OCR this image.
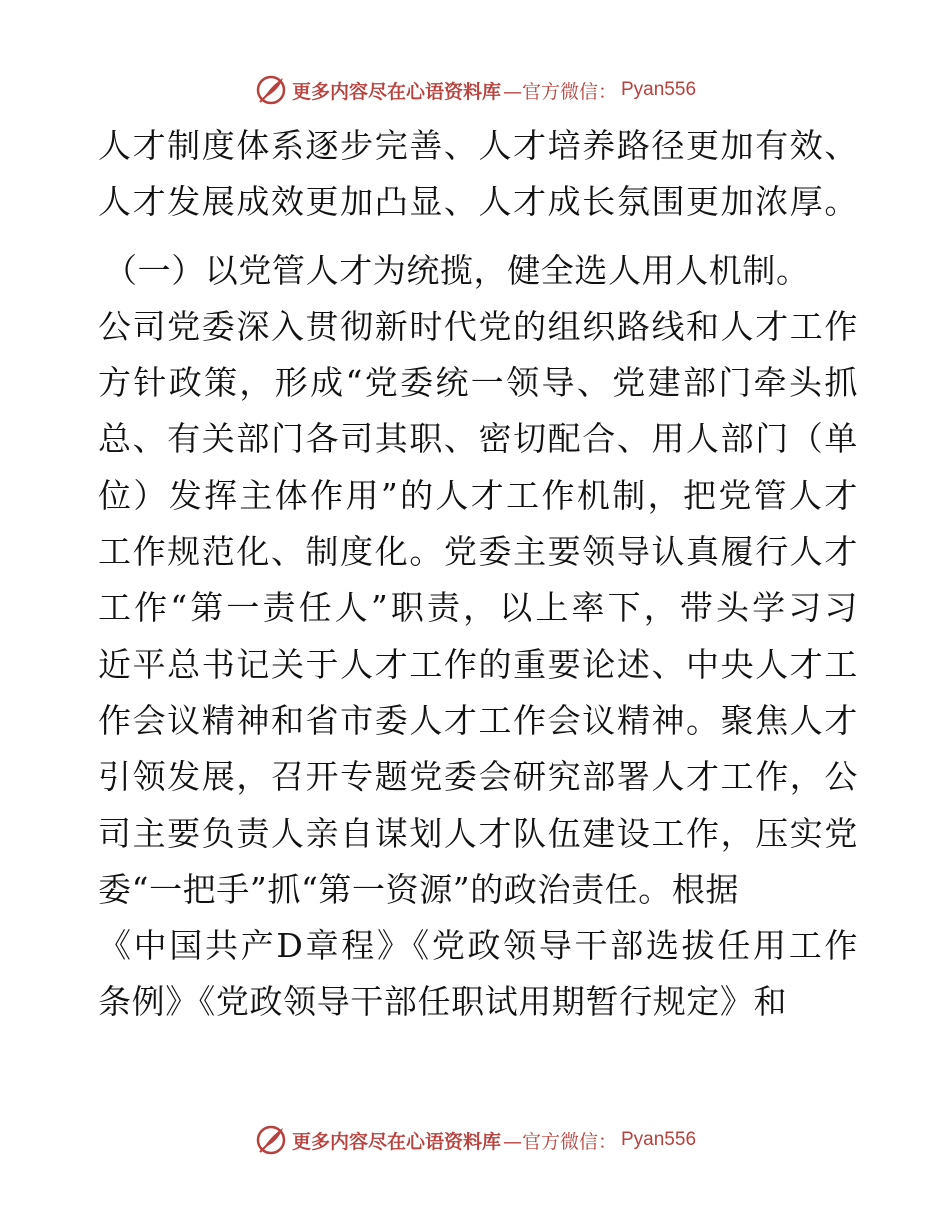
更多内容尽在心语资料库 —官方微信： Pyan556
人才制度体系逐步完善、人才培养路径更加有效、
人才发展成效更加凸显、人才成长氛围更加浓厚。
（一）以党管人才为统揽，健全选人用人机制。
公司党委深入贯彻新时代党的组织路线和人才工作
方针政策，形成“党委统一领导、党建部门牵头抓
总、有关部门各司其职、密切配合、用人部门（单
位）发挥主体作用”的人才工作机制，把党管人才
工作规范化、制度化。党委主要领导认真履行人才
工作“第一责任人”职责，以上率下，带头学习习
近平总书记关于人才工作的重要论述、中央人才工
作会议精神和省市委人才工作会议精神。聚焦人才
引领发展，召开专题党委会研究部署人才工作，公
司主要负责人亲自谋划人才队伍建设工作，压实党
委“一把手”抓“第一资源”的政治责任。根据
《中国共产D章程》《党政领导干部选拔任用工作
条例》《党政领导干部任职试用期暂行规定》和
更多内容尽在心语资料库 —官方微信： Pyan556
